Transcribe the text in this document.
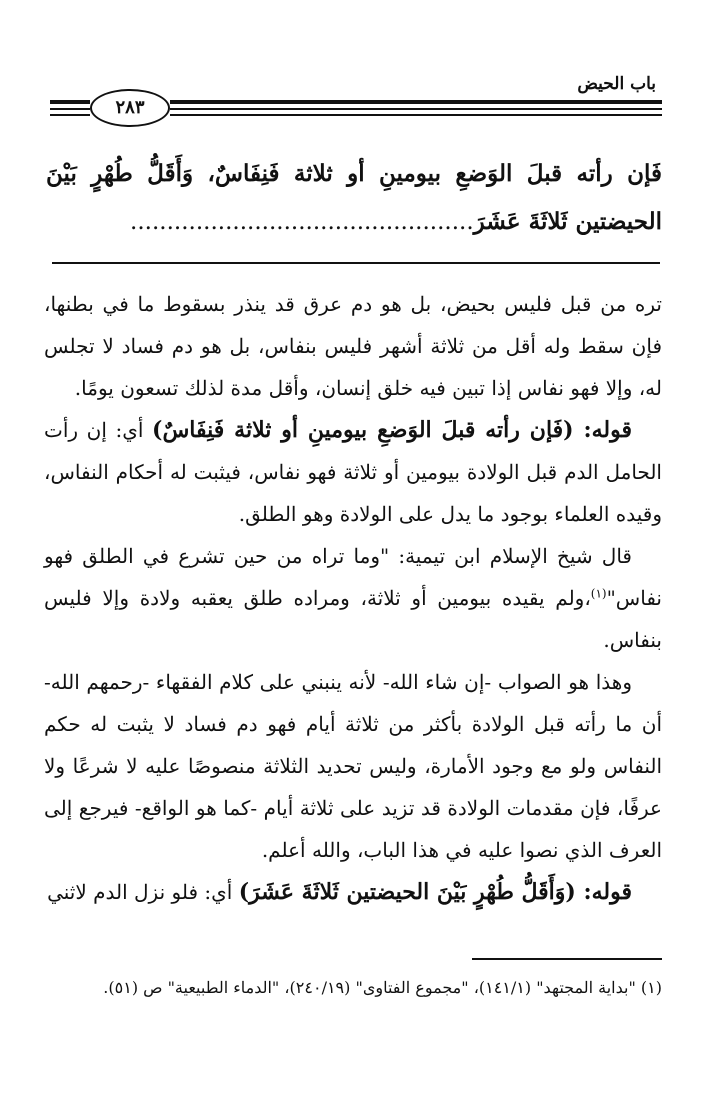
باب الحيض
٢٨٣
فَإن رأته قبلَ الوَضعِ بيومينِ أو ثلاثة فَنِفَاسٌ، وَأَقَلُّ طُهْرٍ بَيْنَ الحيضتين ثَلاثَةَ عَشَرَ...............................................

تره من قبل فليس بحيض، بل هو دم عرق قد ينذر بسقوط ما في بطنها، فإن سقط وله أقل من ثلاثة أشهر فليس بنفاس، بل هو دم فساد لا تجلس له، وإلا فهو نفاس إذا تبين فيه خلق إنسان، وأقل مدة لذلك تسعون يومًا.

قوله: (فَإن رأته قبلَ الوَضعِ بيومينِ أو ثلاثة فَنِفَاسٌ) أي: إن رأت الحامل الدم قبل الولادة بيومين أو ثلاثة فهو نفاس، فيثبت له أحكام النفاس، وقيده العلماء بوجود ما يدل على الولادة وهو الطلق.

قال شيخ الإسلام ابن تيمية: "وما تراه من حين تشرع في الطلق فهو نفاس"$^{(١)}$،ولم يقيده بيومين أو ثلاثة، ومراده طلق يعقبه ولادة وإلا فليس بنفاس.

وهذا هو الصواب -إن شاء الله- لأنه ينبني على كلام الفقهاء -رحمهم الله- أن ما رأته قبل الولادة بأكثر من ثلاثة أيام فهو دم فساد لا يثبت له حكم النفاس ولو مع وجود الأمارة، وليس تحديد الثلاثة منصوصًا عليه لا شرعًا ولا عرفًا، فإن مقدمات الولادة قد تزيد على ثلاثة أيام -كما هو الواقع- فيرجع إلى العرف الذي نصوا عليه في هذا الباب، والله أعلم.

قوله: (وَأَقَلُّ طُهْرٍ بَيْنَ الحيضتين ثَلاثَةَ عَشَرَ) أي: فلو نزل الدم لاثني

(١) "بداية المجتهد" (١٤١/١)، "مجموع الفتاوى" (٢٤٠/١٩)، "الدماء الطبيعية" ص (٥١).
